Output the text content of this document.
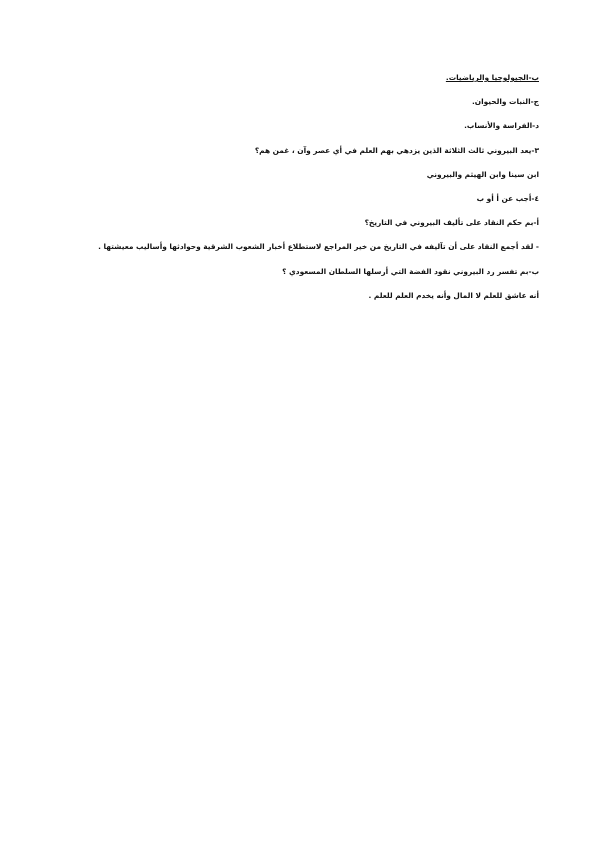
ب-الجيولوجيا والرياضيات.
ج-النبات والحيوان.
د-الفراسة والأنساب.
٣-يعد البيروني ثالث الثلاثة الذين يزدهي بهم العلم في أي عصر وآن ، غمن هم؟
ابن سينا وابن الهيثم والبيروني
٤-أجب عن أ أو ب
أ-بم حكم النقاد على تأليف البيروني في التاريخ؟
- لقد أجمع النقاد على أن تآليفه في التاريخ من خير المراجع لاستطلاع أخبار الشعوب الشرقية وحوادثها وأساليب معيشتها .
ب-بم تفسر رد البيروني نقود الفضة التي أرسلها السلطان المسعودي ؟
أنه عاشق للعلم لا المال وأنه يخدم العلم للعلم .
